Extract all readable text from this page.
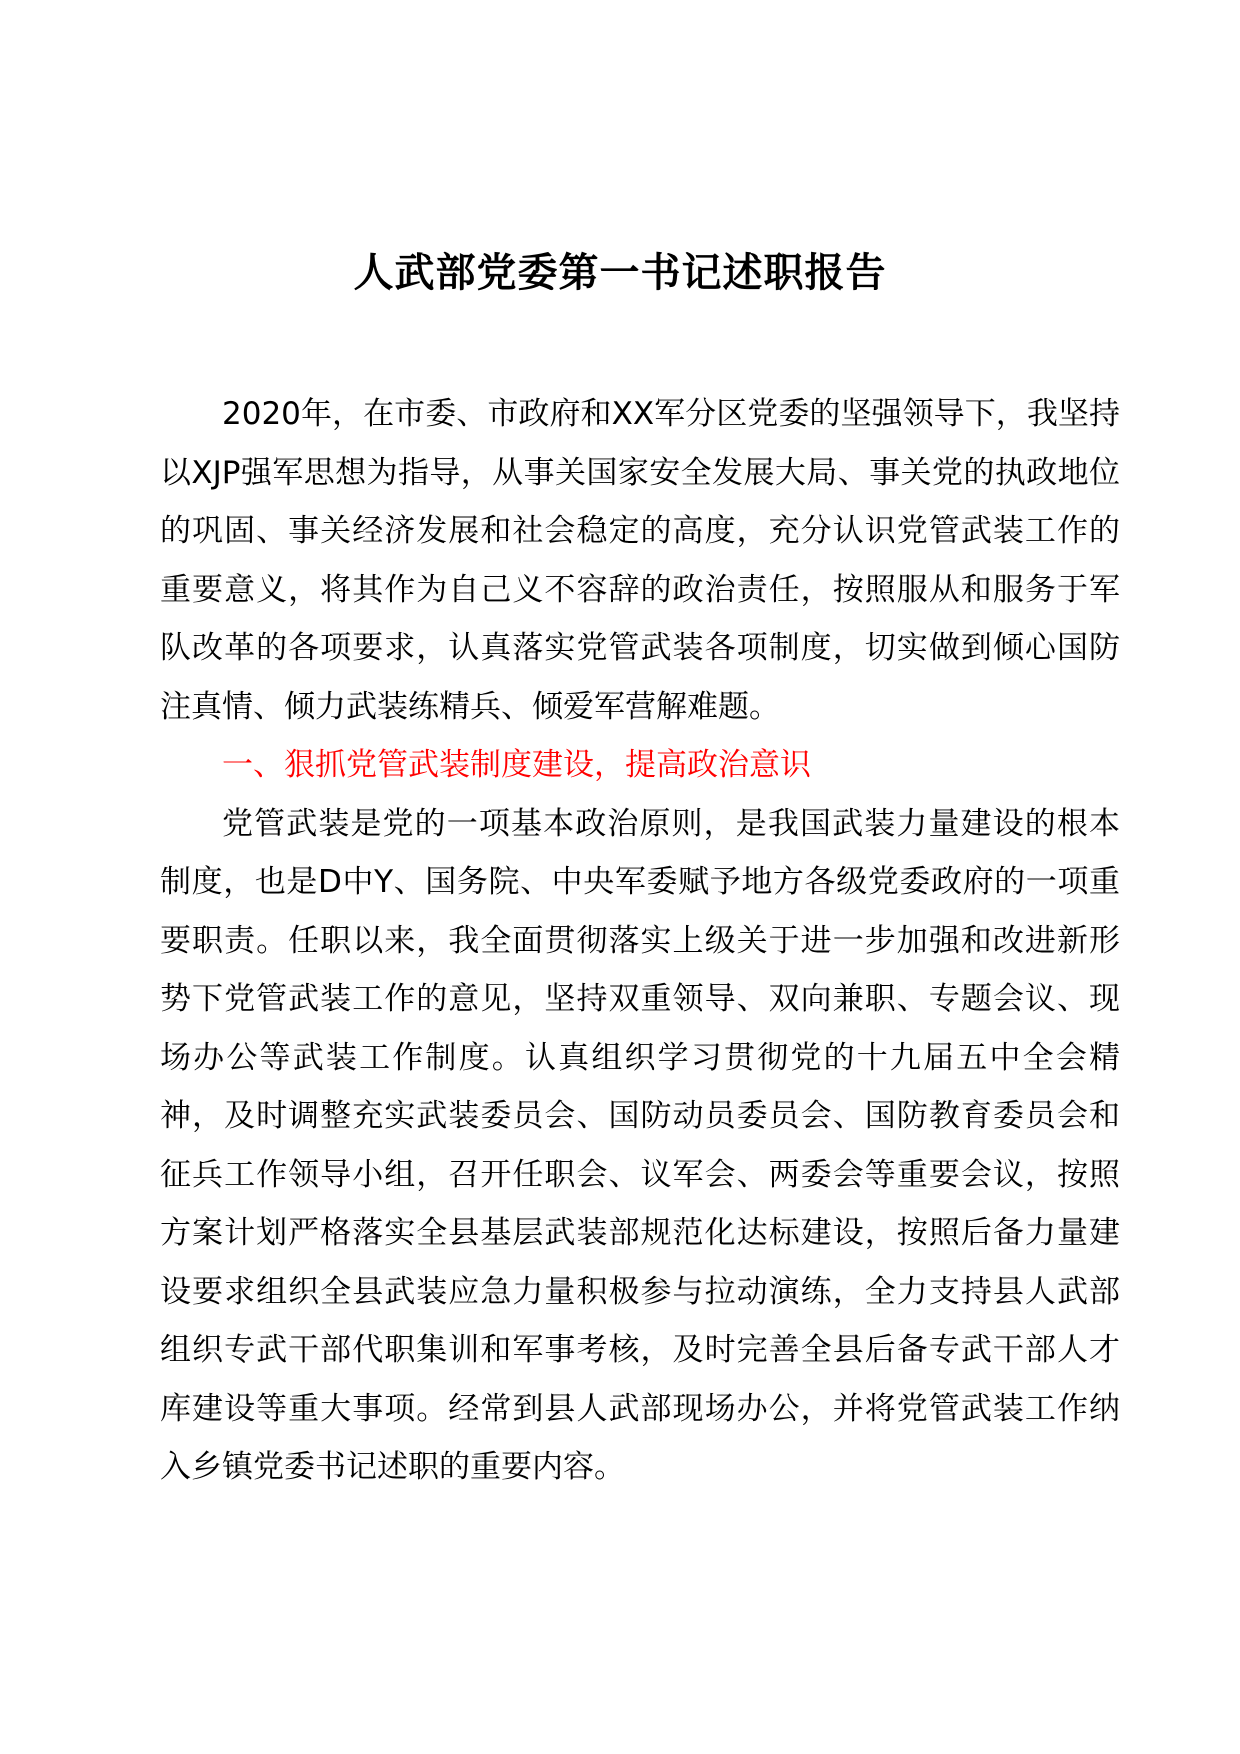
人武部党委第一书记述职报告

2020年，在市委、市政府和XX军分区党委的坚强领导下，我坚持以XJP强军思想为指导，从事关国家安全发展大局、事关党的执政地位的巩固、事关经济发展和社会稳定的高度，充分认识党管武装工作的重要意义，将其作为自己义不容辞的政治责任，按照服从和服务于军队改革的各项要求，认真落实党管武装各项制度，切实做到倾心国防注真情、倾力武装练精兵、倾爱军营解难题。

一、狠抓党管武装制度建设，提高政治意识

党管武装是党的一项基本政治原则，是我国武装力量建设的根本制度，也是D中Y、国务院、中央军委赋予地方各级党委政府的一项重要职责。任职以来，我全面贯彻落实上级关于进一步加强和改进新形势下党管武装工作的意见，坚持双重领导、双向兼职、专题会议、现场办公等武装工作制度。认真组织学习贯彻党的十九届五中全会精神，及时调整充实武装委员会、国防动员委员会、国防教育委员会和征兵工作领导小组，召开任职会、议军会、两委会等重要会议，按照方案计划严格落实全县基层武装部规范化达标建设，按照后备力量建设要求组织全县武装应急力量积极参与拉动演练，全力支持县人武部组织专武干部代职集训和军事考核，及时完善全县后备专武干部人才库建设等重大事项。经常到县人武部现场办公，并将党管武装工作纳入乡镇党委书记述职的重要内容。
